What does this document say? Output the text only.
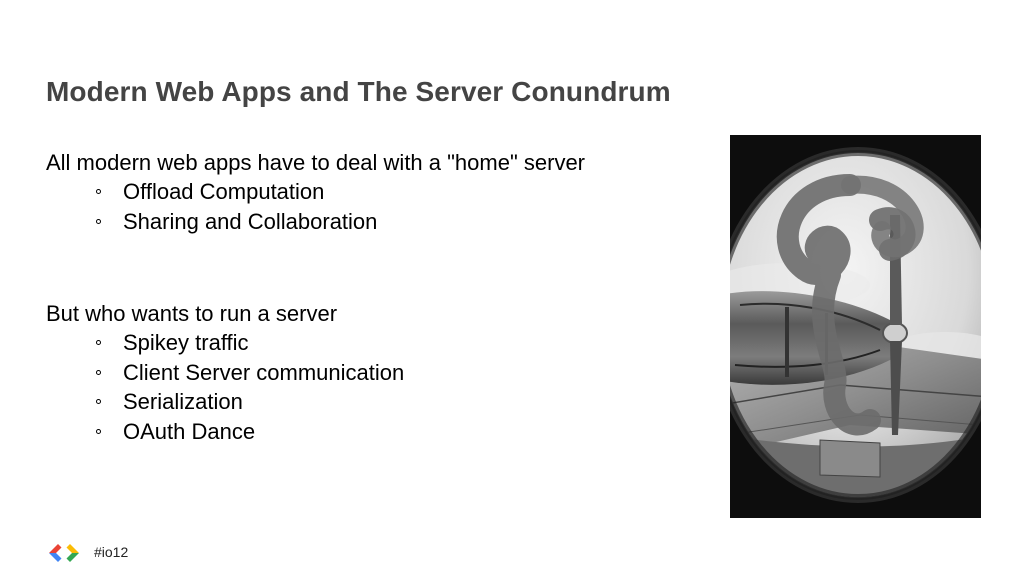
Modern Web Apps and The Server Conundrum
All modern web apps have to deal with a "home" server
Offload Computation
Sharing and Collaboration
But who wants to run a server
Spikey traffic
Client Server communication
Serialization
OAuth Dance
#io12
